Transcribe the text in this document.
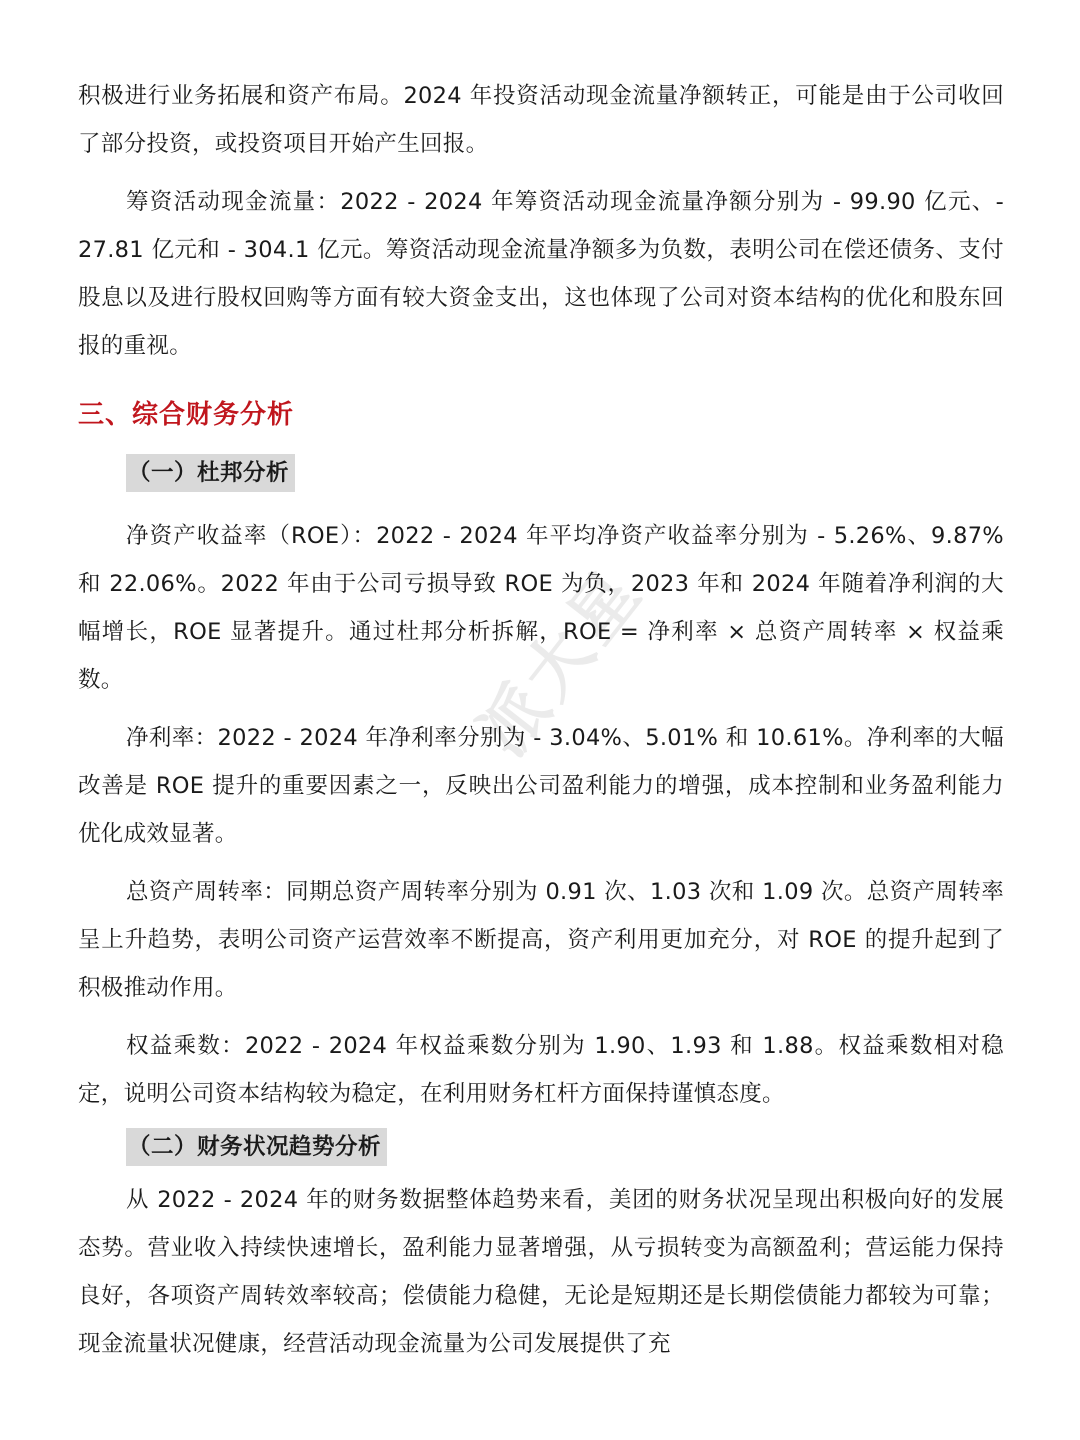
积极进行业务拓展和资产布局。2024 年投资活动现金流量净额转正，可能是由于公司收回了部分投资，或投资项目开始产生回报。

筹资活动现金流量：2022 - 2024 年筹资活动现金流量净额分别为 - 99.90 亿元、- 27.81 亿元和 - 304.1 亿元。筹资活动现金流量净额多为负数，表明公司在偿还债务、支付股息以及进行股权回购等方面有较大资金支出，这也体现了公司对资本结构的优化和股东回报的重视。

三、综合财务分析
（一）杜邦分析

净资产收益率（ROE）：2022 - 2024 年平均净资产收益率分别为 - 5.26%、9.87% 和 22.06%。2022 年由于公司亏损导致 ROE 为负，2023 年和 2024 年随着净利润的大幅增长，ROE 显著提升。通过杜邦分析拆解，ROE = 净利率 × 总资产周转率 × 权益乘数。

净利率：2022 - 2024 年净利率分别为 - 3.04%、5.01% 和 10.61%。净利率的大幅改善是 ROE 提升的重要因素之一，反映出公司盈利能力的增强，成本控制和业务盈利能力优化成效显著。

总资产周转率：同期总资产周转率分别为 0.91 次、1.03 次和 1.09 次。总资产周转率呈上升趋势，表明公司资产运营效率不断提高，资产利用更加充分，对 ROE 的提升起到了积极推动作用。

权益乘数：2022 - 2024 年权益乘数分别为 1.90、1.93 和 1.88。权益乘数相对稳定，说明公司资本结构较为稳定，在利用财务杠杆方面保持谨慎态度。

（二）财务状况趋势分析

从 2022 - 2024 年的财务数据整体趋势来看，美团的财务状况呈现出积极向好的发展态势。营业收入持续快速增长，盈利能力显著增强，从亏损转变为高额盈利；营运能力保持良好，各项资产周转效率较高；偿债能力稳健，无论是短期还是长期偿债能力都较为可靠；现金流量状况健康，经营活动现金流量为公司发展提供了充

派大星
